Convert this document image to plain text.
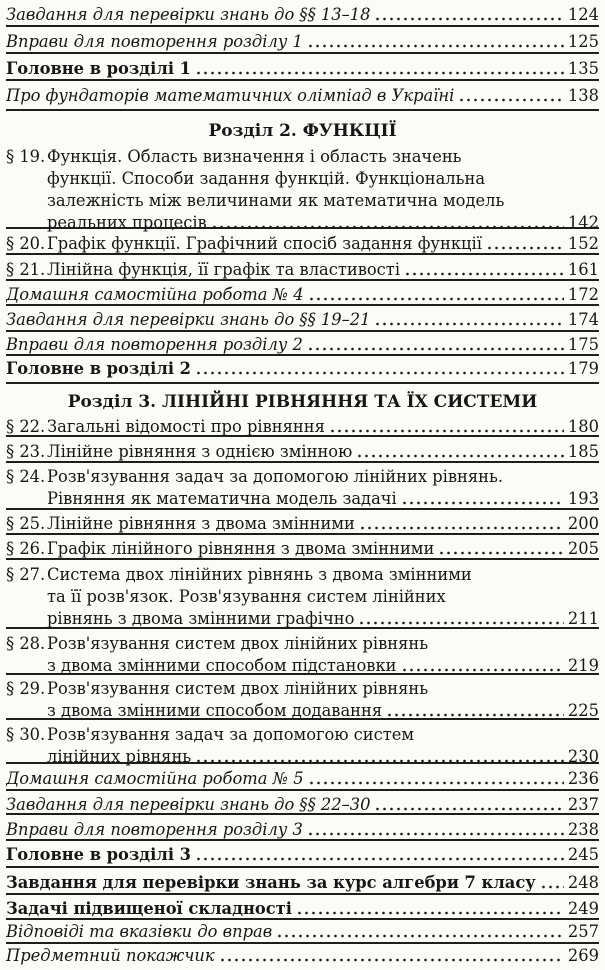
Розділ 2. ФУНКЦІЇ
Розділ 3. ЛІНІЙНІ РІВНЯННЯ ТА ЇХ СИСТЕМИ
Завдання для перевірки знань до §§ 13–18	124
Вправи для повторення розділу 1	125
Головне в розділі 1	135
Про фундаторів математичних олімпіад в Україні	138
§ 19. Функція. Область визначення і область значень
функції. Способи задання функцій. Функціональна
залежність між величинами як математична модель
реальних процесів	142
§ 20. Графік функції. Графічний спосіб задання функції	152
§ 21. Лінійна функція, її графік та властивості	161
Домашня самостійна робота № 4	172
Завдання для перевірки знань до §§ 19–21	174
Вправи для повторення розділу 2	175
Головне в розділі 2	179
§ 22. Загальні відомості про рівняння	180
§ 23. Лінійне рівняння з однією змінною	185
§ 24. Розв'язування задач за допомогою лінійних рівнянь.
Рівняння як математична модель задачі	193
§ 25. Лінійне рівняння з двома змінними	200
§ 26. Графік лінійного рівняння з двома змінними	205
§ 27. Система двох лінійних рівнянь з двома змінними
та її розв'язок. Розв'язування систем лінійних
рівнянь з двома змінними графічно	211
§ 28. Розв'язування систем двох лінійних рівнянь
з двома змінними способом підстановки	219
§ 29. Розв'язування систем двох лінійних рівнянь
з двома змінними способом додавання	225
§ 30. Розв'язування задач за допомогою систем
лінійних рівнянь	230
Домашня самостійна робота № 5	236
Завдання для перевірки знань до §§ 22–30	237
Вправи для повторення розділу 3	238
Головне в розділі 3	245
Завдання для перевірки знань за курс алгебри 7 класу 248
Задачі підвищеної складності	249
Відповіді та вказівки до вправ	257
Предметний покажчик	269
